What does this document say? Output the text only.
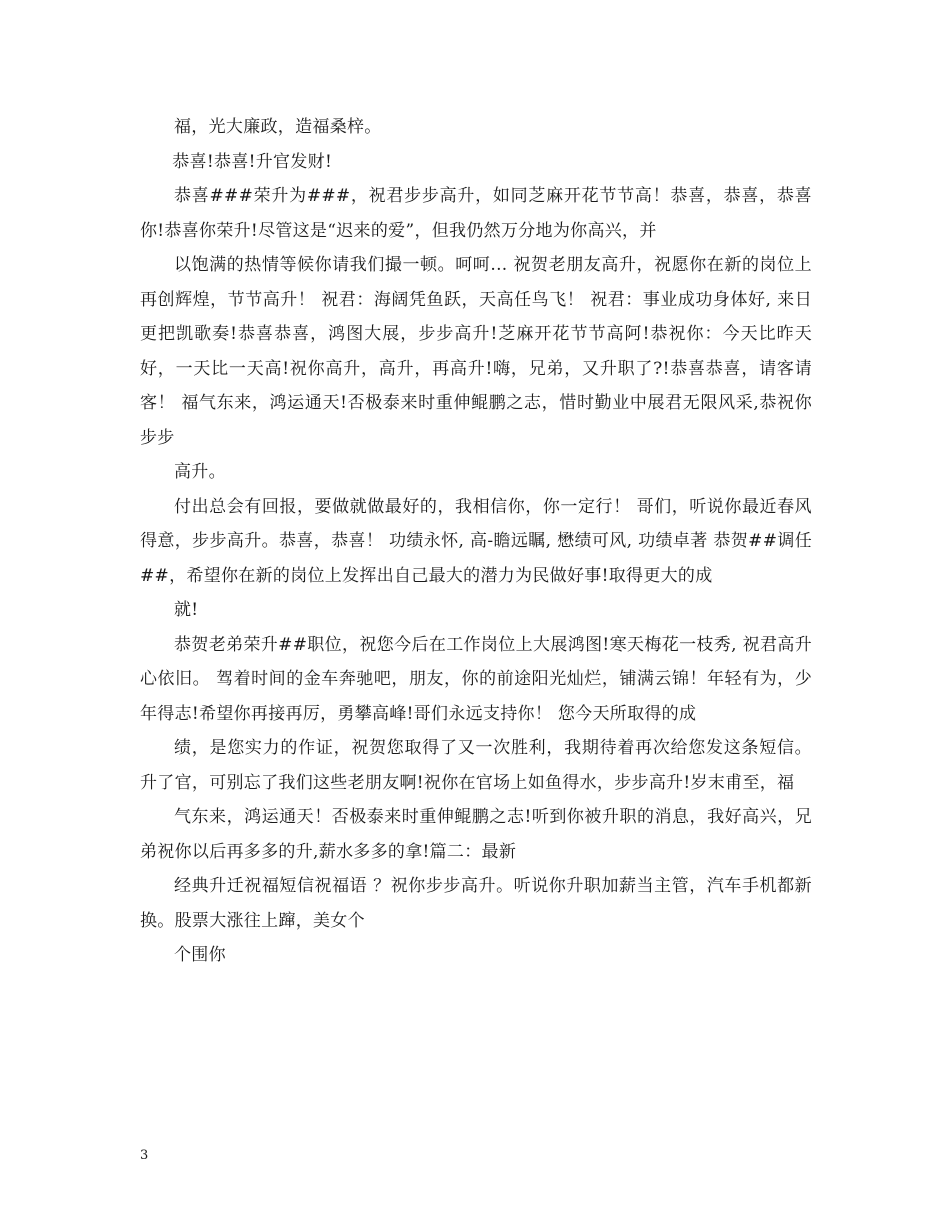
福，光大廉政，造福桑梓。

恭喜!恭喜!升官发财!

恭喜###荣升为###，祝君步步高升，如同芝麻开花节节高！恭喜，恭喜，恭喜你!恭喜你荣升!尽管这是“迟来的爱”，但我仍然万分地为你高兴，并

以饱满的热情等候你请我们撮一顿。呵呵... 祝贺老朋友高升，祝愿你在新的岗位上再创辉煌，节节高升！ 祝君：海阔凭鱼跃，天高任鸟飞！ 祝君：事业成功身体好, 来日更把凯歌奏!恭喜恭喜，鸿图大展，步步高升!芝麻开花节节高阿!恭祝你：今天比昨天好，一天比一天高!祝你高升，高升，再高升!嗨，兄弟，又升职了?!恭喜恭喜，请客请客！ 福气东来，鸿运通天!否极泰来时重伸鲲鹏之志，惜时勤业中展君无限风采,恭祝你步步

高升。

付出总会有回报，要做就做最好的，我相信你，你一定行！ 哥们，听说你最近春风得意，步步高升。恭喜，恭喜！ 功绩永怀, 高-瞻远瞩, 懋绩可风, 功绩卓著 恭贺##调任##，希望你在新的岗位上发挥出自己最大的潜力为民做好事!取得更大的成

就!

恭贺老弟荣升##职位，祝您今后在工作岗位上大展鸿图!寒天梅花一枝秀, 祝君高升心依旧。 驾着时间的金车奔驰吧，朋友，你的前途阳光灿烂，铺满云锦！年轻有为，少年得志!希望你再接再厉，勇攀高峰!哥们永远支持你！ 您今天所取得的成

绩，是您实力的作证，祝贺您取得了又一次胜利，我期待着再次给您发这条短信。 升了官，可别忘了我们这些老朋友啊!祝你在官场上如鱼得水，步步高升!岁末甫至，福

气东来，鸿运通天！否极泰来时重伸鲲鹏之志!听到你被升职的消息，我好高兴，兄弟祝你以后再多多的升,薪水多多的拿!篇二：最新

经典升迁祝福短信祝福语 ？祝你步步高升。听说你升职加薪当主管，汽车手机都新换。股票大涨往上蹿，美女个

个围你

3
